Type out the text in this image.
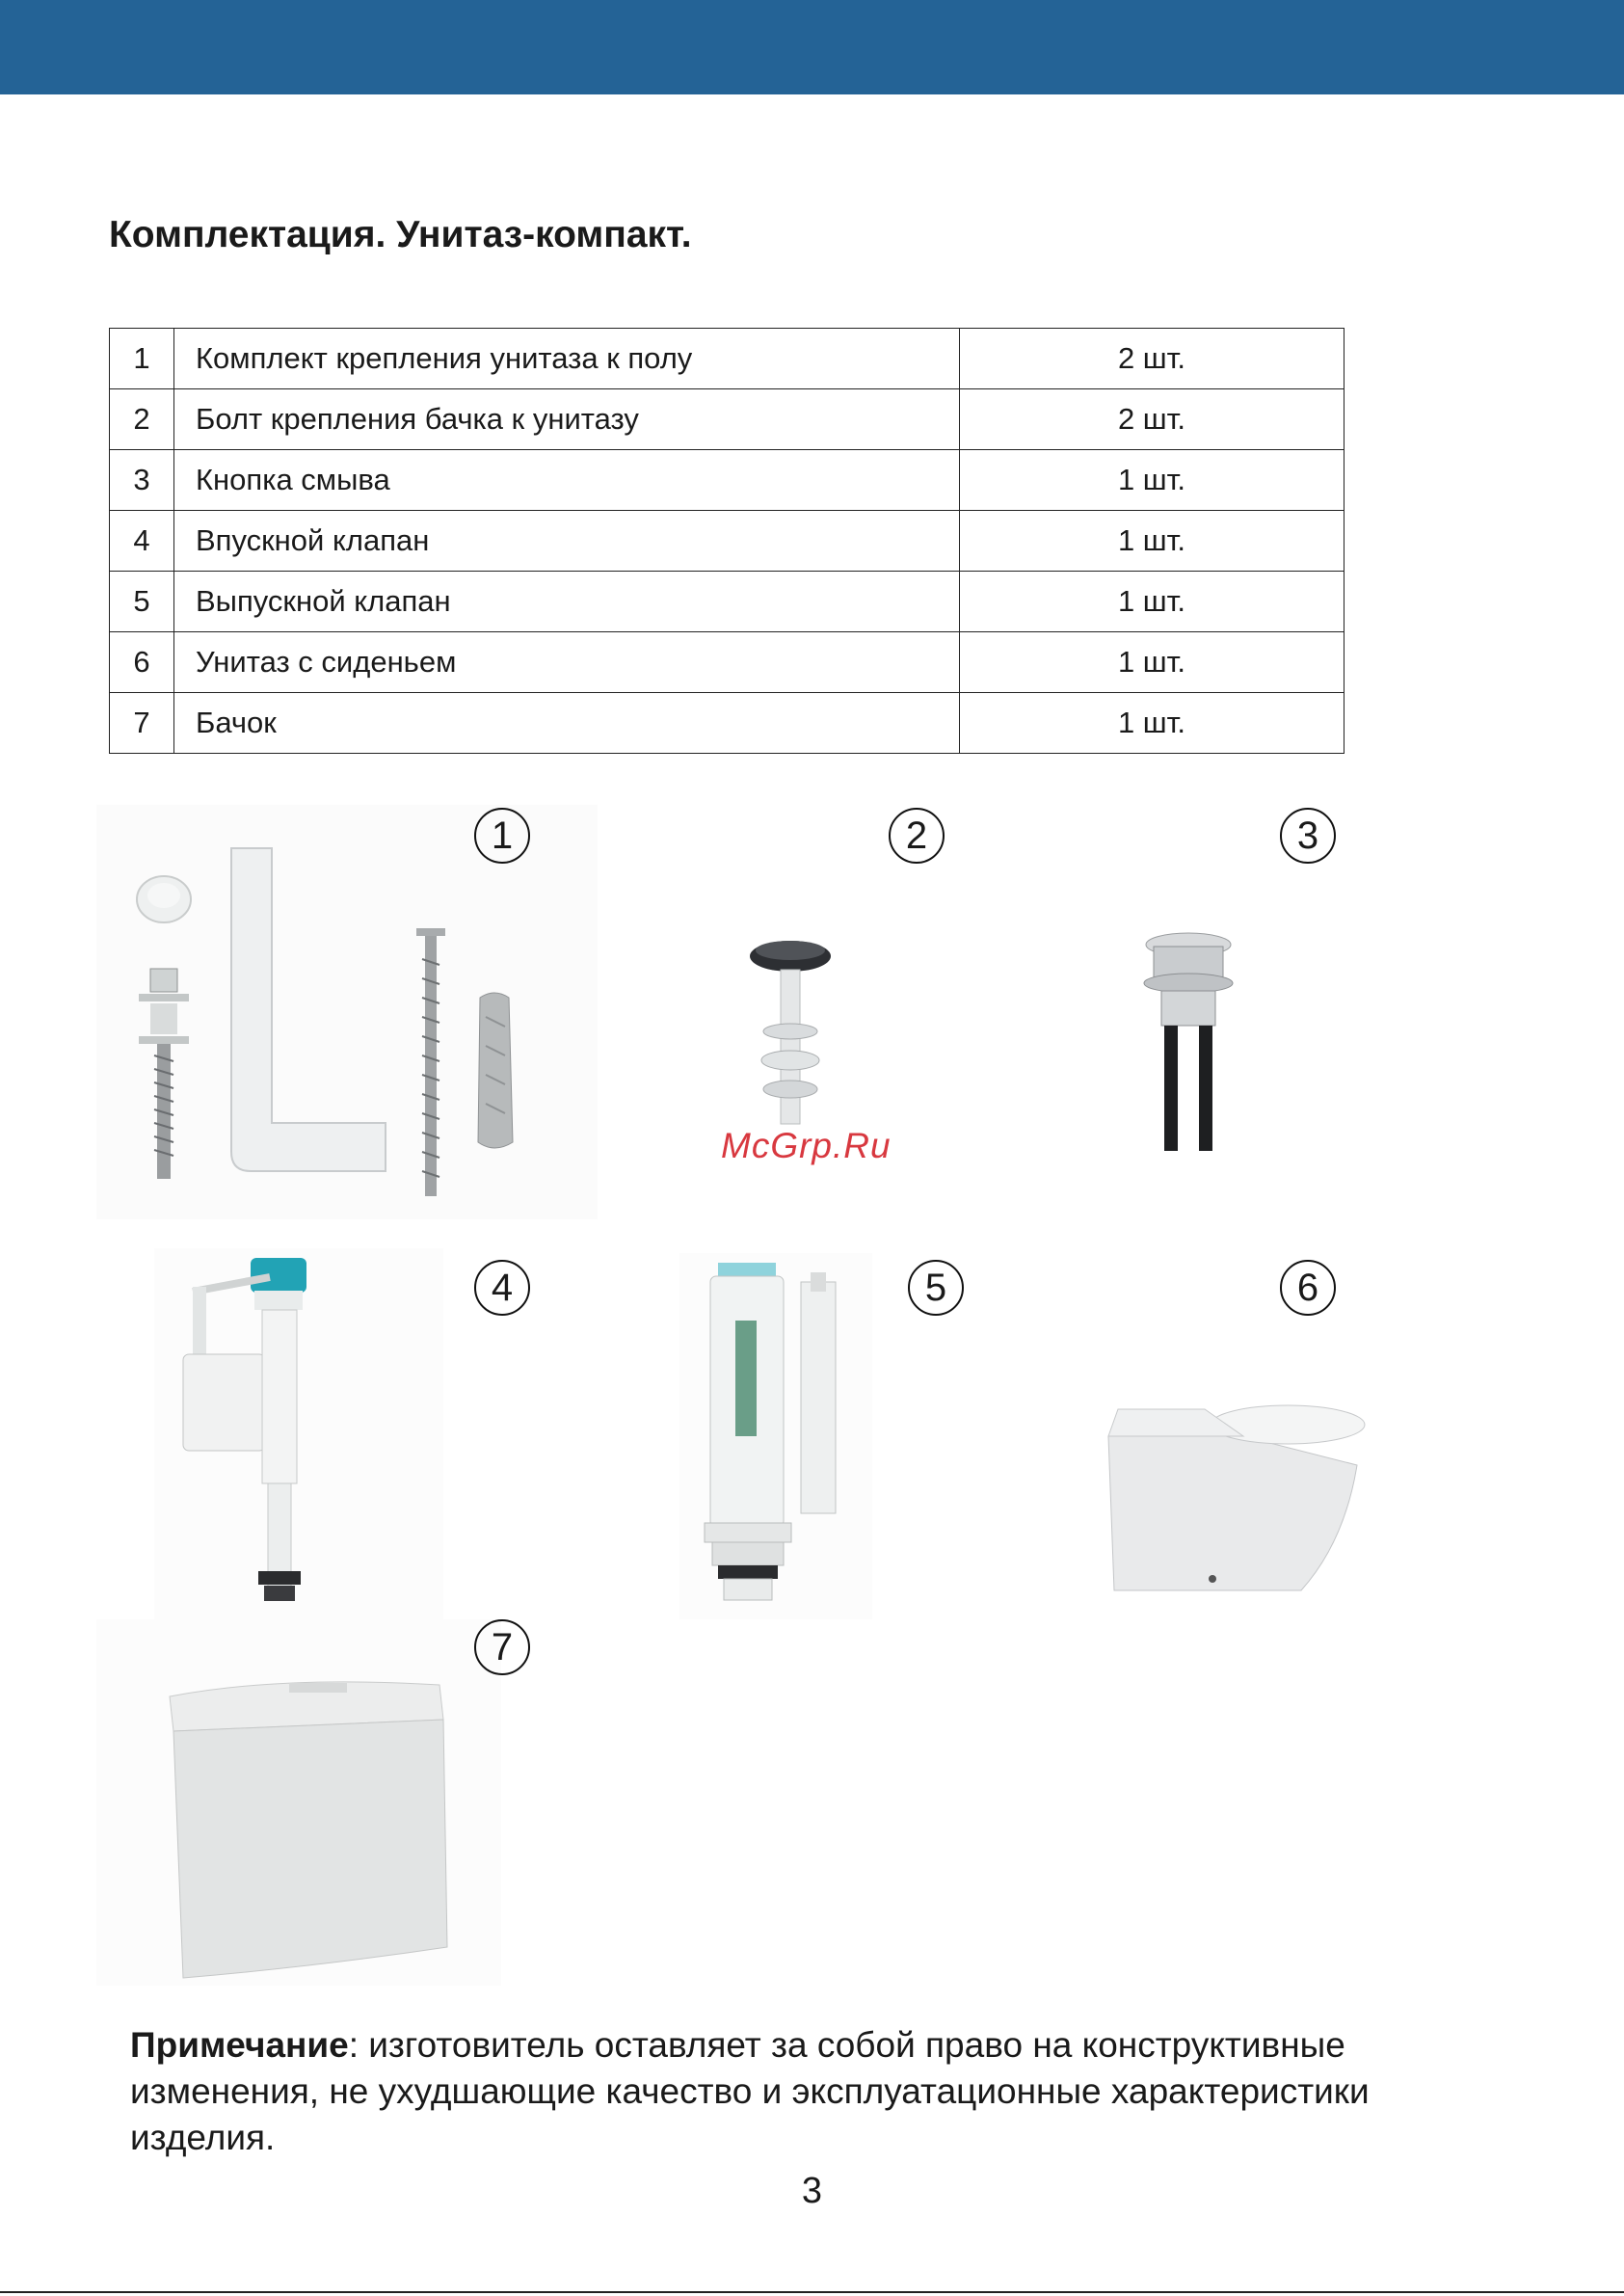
Комплектация. Унитаз-компакт.
1	Комплект крепления унитаза к полу	2 шт.
2	Болт крепления бачка к унитазу	2 шт.
3	Кнопка смыва	1 шт.
4	Впускной клапан	1 шт.
5	Выпускной клапан	1 шт.
6	Унитаз с сиденьем	1 шт.
7	Бачок	1 шт.
1	2	3
McGrp.Ru
4	5	6
7

Примечание: изготовитель оставляет за собой право на конструктивные изменения, не ухудшающие качество и эксплуатационные характеристики изделия.

3
